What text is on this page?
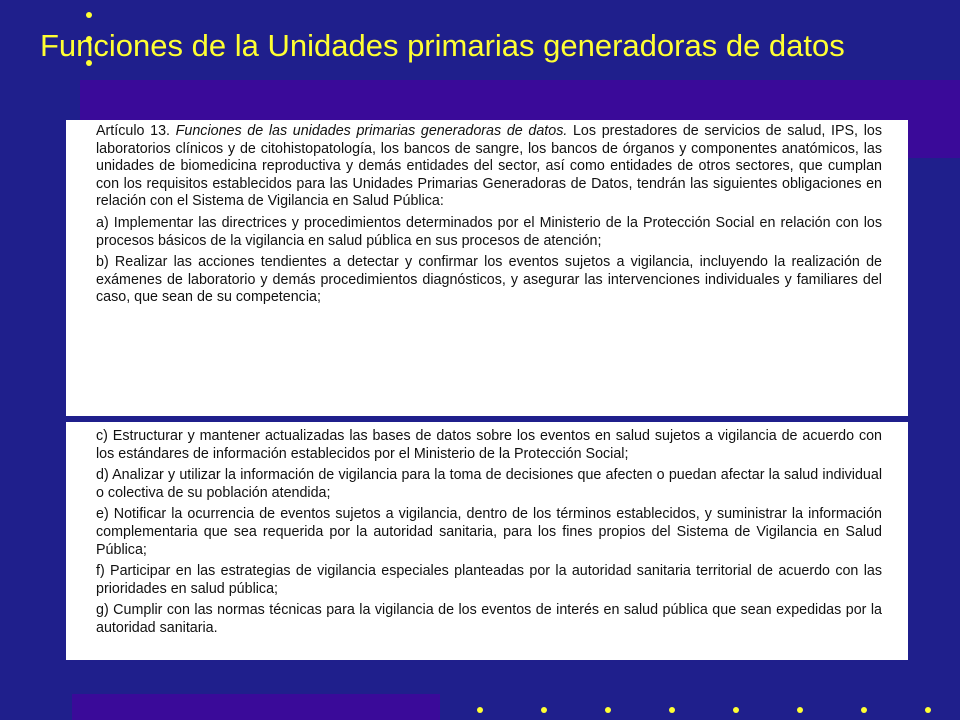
Funciones de la Unidades primarias generadoras de datos

Artículo 13. Funciones de las unidades primarias generadoras de datos. Los prestadores de servicios de salud, IPS, los laboratorios clínicos y de citohistopatología, los bancos de sangre, los bancos de órganos y componentes anatómicos, las unidades de biomedicina reproductiva y demás entidades del sector, así como entidades de otros sectores, que cumplan con los requisitos establecidos para las Unidades Primarias Generadoras de Datos, tendrán las siguientes obligaciones en relación con el Sistema de Vigilancia en Salud Pública:

a) Implementar las directrices y procedimientos determinados por el Ministerio de la Protección Social en relación con los procesos básicos de la vigilancia en salud pública en sus procesos de atención;

b) Realizar las acciones tendientes a detectar y confirmar los eventos sujetos a vigilancia, incluyendo la realización de exámenes de laboratorio y demás procedimientos diagnósticos, y asegurar las intervenciones individuales y familiares del caso, que sean de su competencia;

c) Estructurar y mantener actualizadas las bases de datos sobre los eventos en salud sujetos a vigilancia de acuerdo con los estándares de información establecidos por el Ministerio de la Protección Social;

d) Analizar y utilizar la información de vigilancia para la toma de decisiones que afecten o puedan afectar la salud individual o colectiva de su población atendida;

e) Notificar la ocurrencia de eventos sujetos a vigilancia, dentro de los términos establecidos, y suministrar la información complementaria que sea requerida por la autoridad sanitaria, para los fines propios del Sistema de Vigilancia en Salud Pública;

f) Participar en las estrategias de vigilancia especiales planteadas por la autoridad sanitaria territorial de acuerdo con las prioridades en salud pública;

g) Cumplir con las normas técnicas para la vigilancia de los eventos de interés en salud pública que sean expedidas por la autoridad sanitaria.
